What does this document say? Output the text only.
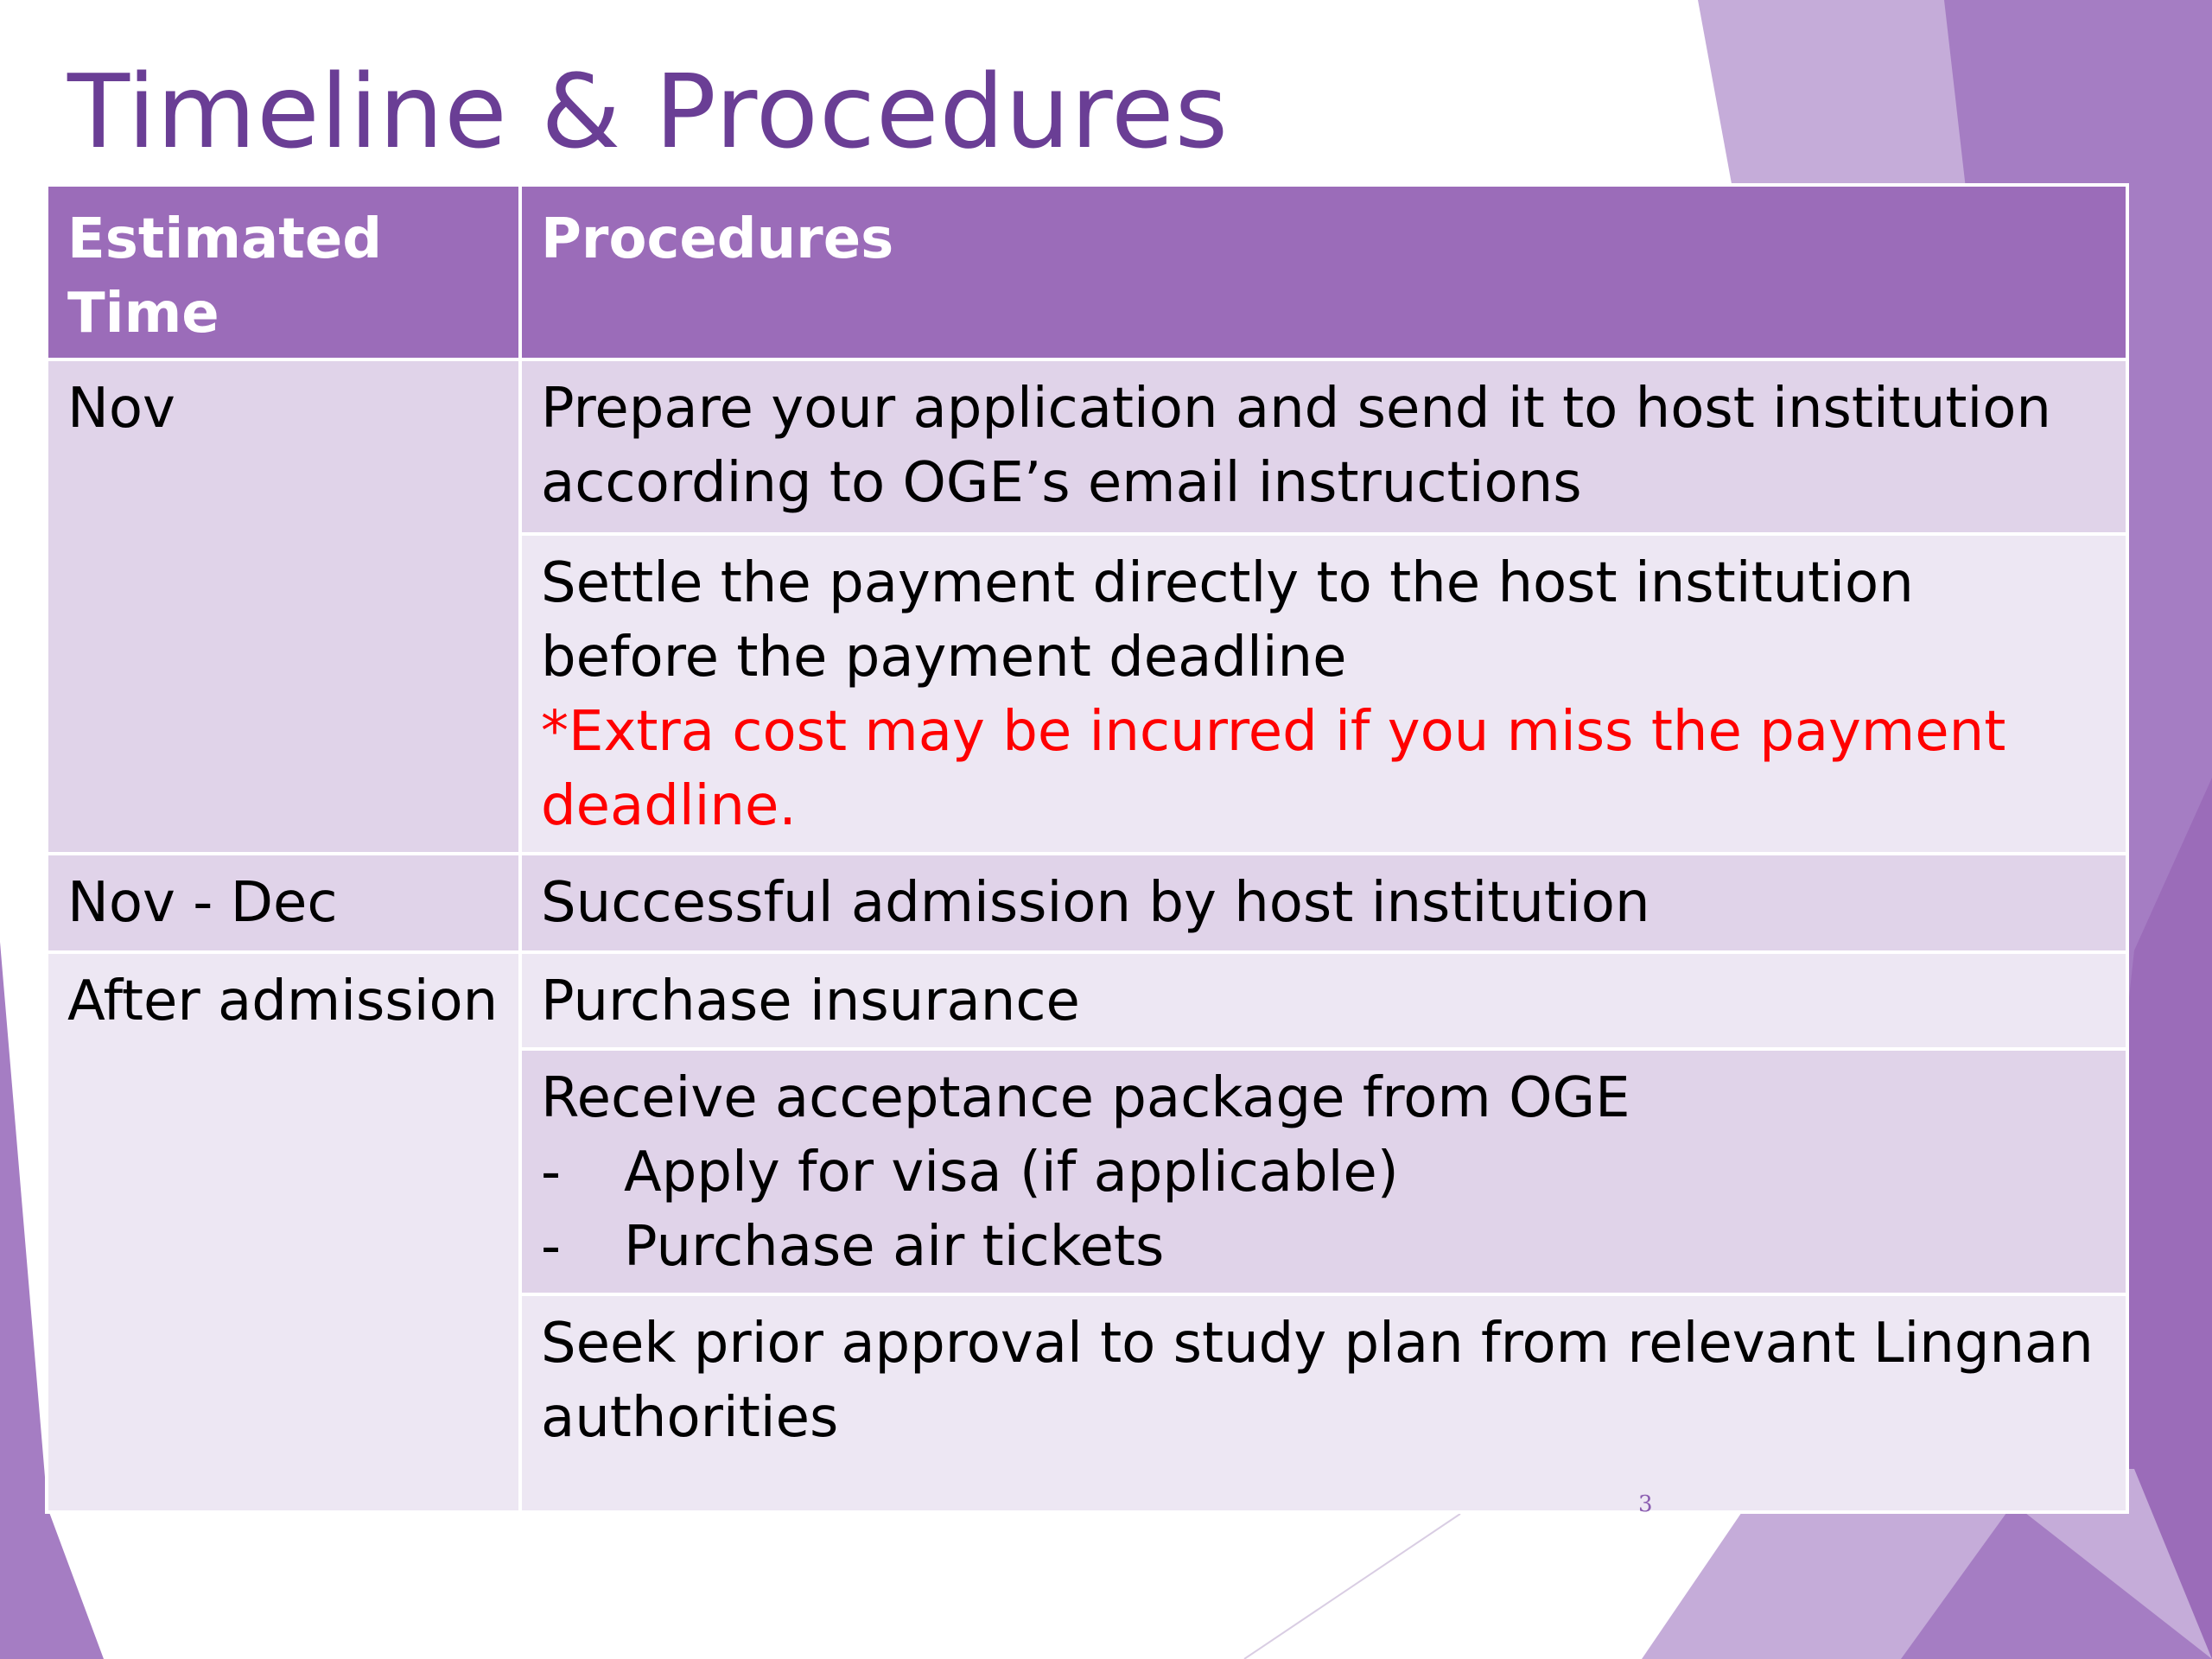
Timeline & Procedures
Estimated Time	Procedures
Nov	Prepare your application and send it to host institution according to OGE’s email instructions

	Settle the payment directly to the host institution before the payment deadline
*Extra cost may be incurred if you miss the payment deadline.

Nov - Dec	Successful admission by host institution
After admission	Purchase insurance

	Receive acceptance package from OGE
- Apply for visa (if applicable)
- Purchase air tickets

	Seek prior approval to study plan from relevant Lingnan authorities
3
